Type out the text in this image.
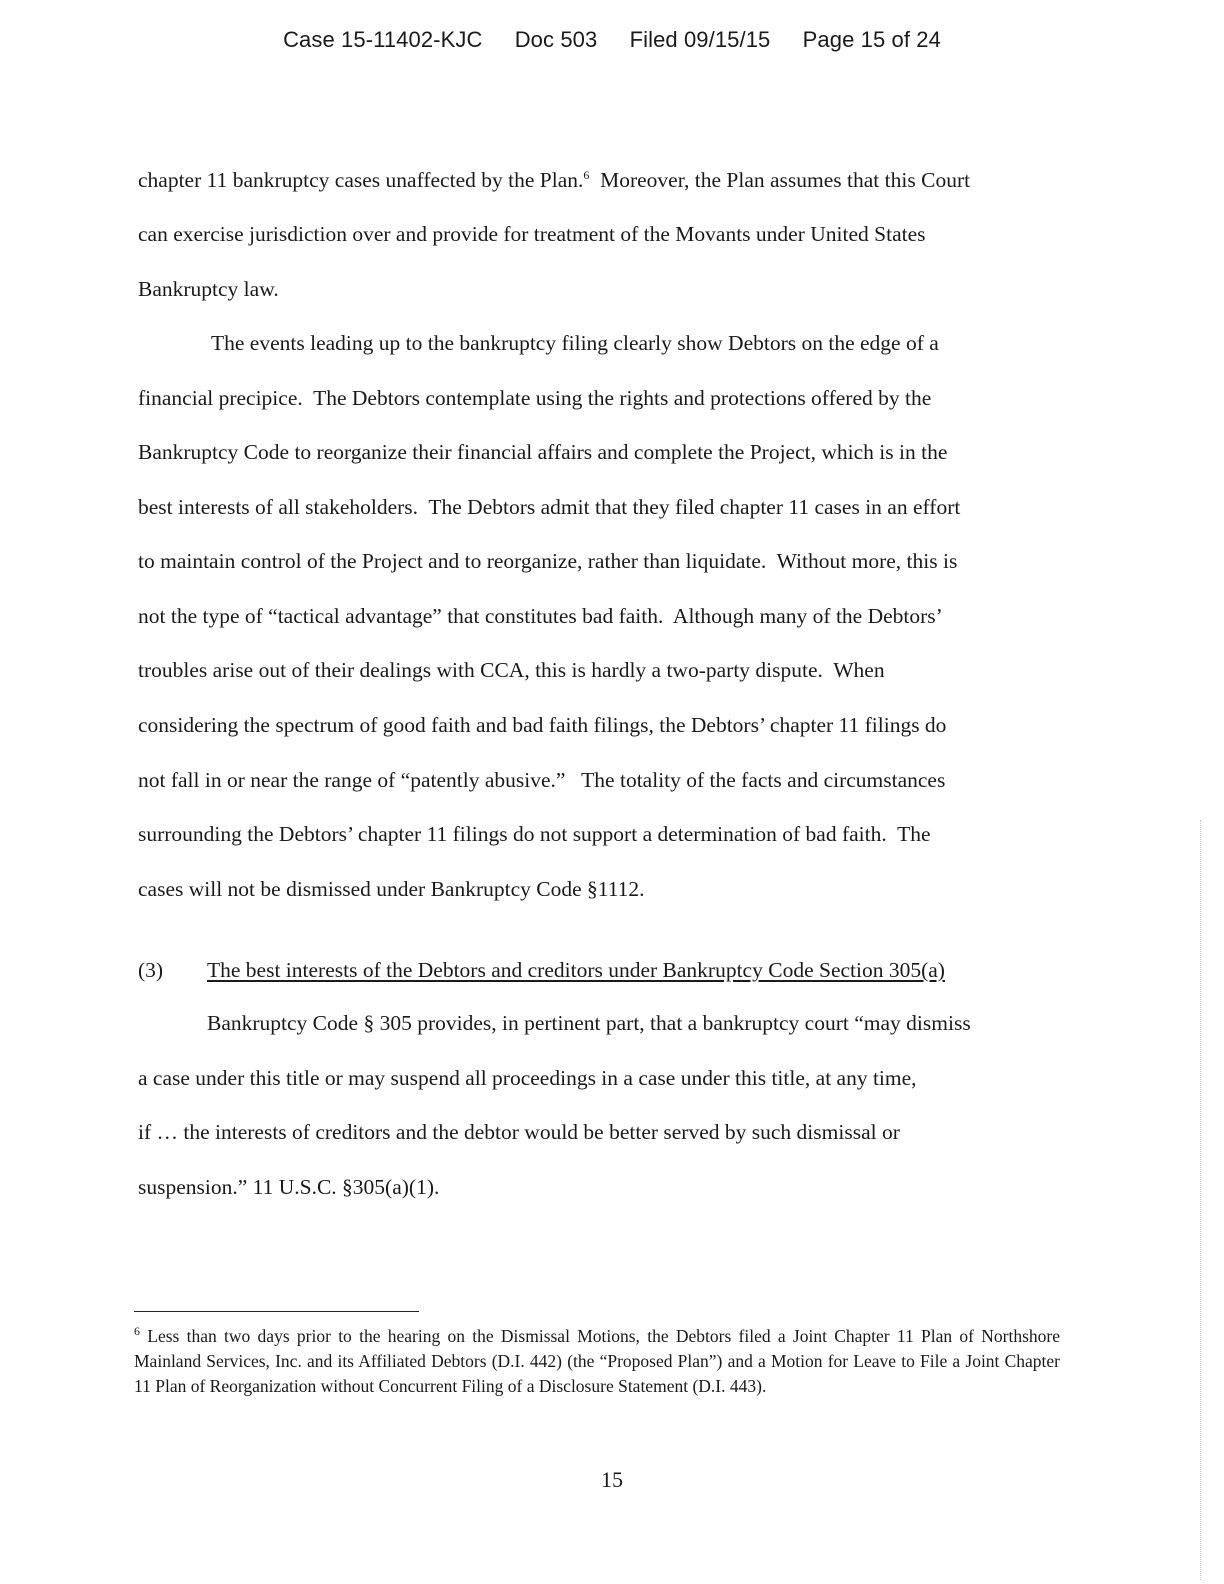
Case 15-11402-KJC Doc 503 Filed 09/15/15 Page 15 of 24
chapter 11 bankruptcy cases unaffected by the Plan.$^6$  Moreover, the Plan assumes that this Court
can exercise jurisdiction over and provide for treatment of the Movants under United States
Bankruptcy law.
The events leading up to the bankruptcy filing clearly show Debtors on the edge of a
financial precipice.  The Debtors contemplate using the rights and protections offered by the
Bankruptcy Code to reorganize their financial affairs and complete the Project, which is in the
best interests of all stakeholders.  The Debtors admit that they filed chapter 11 cases in an effort
to maintain control of the Project and to reorganize, rather than liquidate.  Without more, this is
not the type of “tactical advantage” that constitutes bad faith.  Although many of the Debtors’
troubles arise out of their dealings with CCA, this is hardly a two-party dispute.  When
considering the spectrum of good faith and bad faith filings, the Debtors’ chapter 11 filings do
not fall in or near the range of “patently abusive.”   The totality of the facts and circumstances
surrounding the Debtors’ chapter 11 filings do not support a determination of bad faith.  The
cases will not be dismissed under Bankruptcy Code §1112.
(3) The best interests of the Debtors and creditors under Bankruptcy Code Section 305(a)
Bankruptcy Code § 305 provides, in pertinent part, that a bankruptcy court “may dismiss
a case under this title or may suspend all proceedings in a case under this title, at any time,
if … the interests of creditors and the debtor would be better served by such dismissal or
suspension.” 11 U.S.C. §305(a)(1).
$^6$ Less than two days prior to the hearing on the Dismissal Motions, the Debtors filed a Joint Chapter 11 Plan of Northshore Mainland Services, Inc. and its Affiliated Debtors (D.I. 442) (the “Proposed Plan”) and a Motion for Leave to File a Joint Chapter 11 Plan of Reorganization without Concurrent Filing of a Disclosure Statement (D.I. 443).
15
